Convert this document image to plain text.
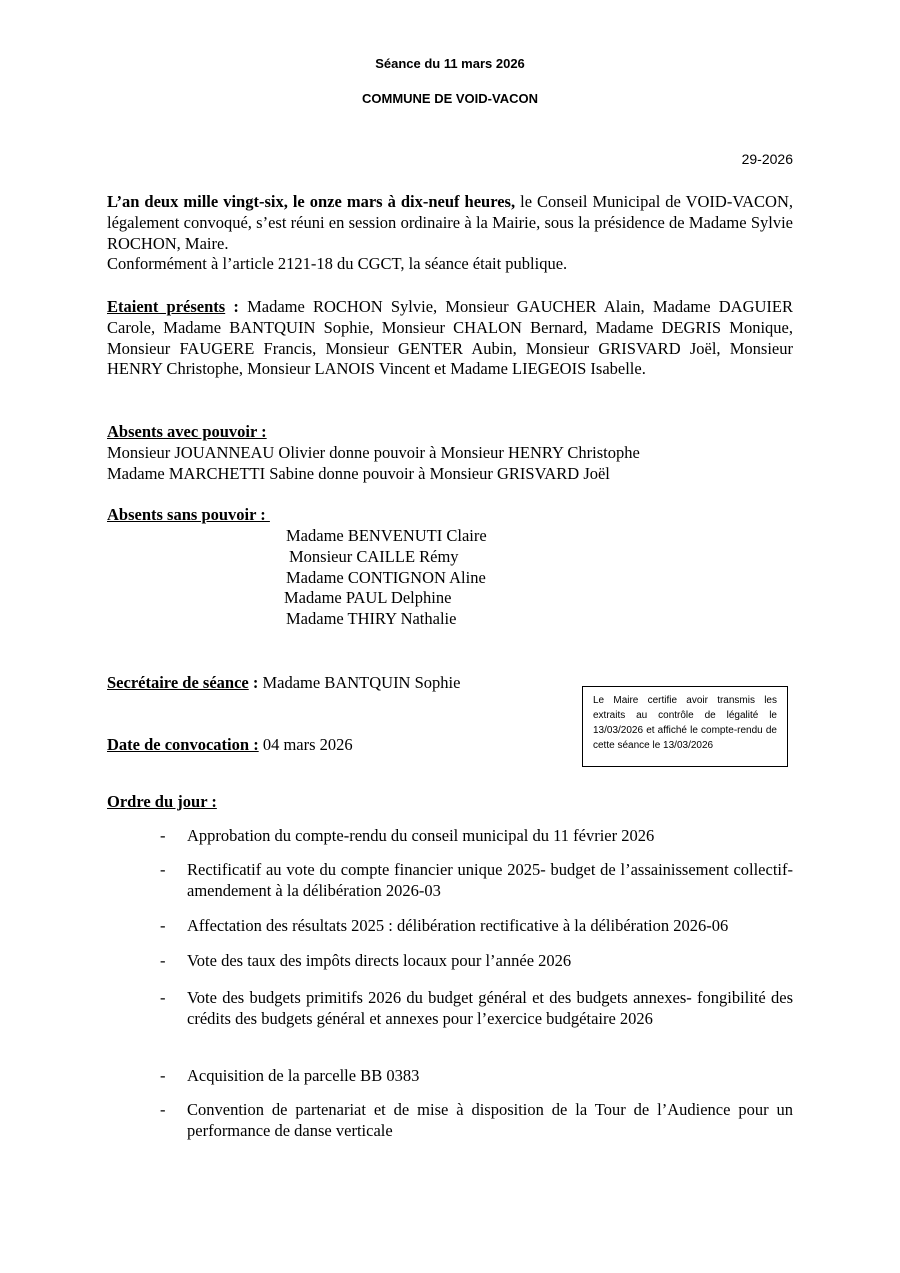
Séance du 11 mars 2026
COMMUNE DE VOID-VACON
29-2026

L’an deux mille vingt-six, le onze mars à dix-neuf heures, le Conseil Municipal de VOID-VACON, légalement convoqué, s’est réuni en session ordinaire à la Mairie, sous la présidence de Madame Sylvie ROCHON, Maire.

Conformément à l’article 2121-18 du CGCT, la séance était publique.

Etaient présents : Madame ROCHON Sylvie, Monsieur GAUCHER Alain, Madame DAGUIER Carole, Madame BANTQUIN Sophie, Monsieur CHALON Bernard, Madame DEGRIS Monique, Monsieur FAUGERE Francis, Monsieur GENTER Aubin, Monsieur GRISVARD Joël, Monsieur HENRY Christophe, Monsieur LANOIS Vincent et Madame LIEGEOIS Isabelle.

Absents avec pouvoir :

Monsieur JOUANNEAU Olivier donne pouvoir à Monsieur HENRY Christophe

Madame MARCHETTI Sabine donne pouvoir à Monsieur GRISVARD Joël

Absents sans pouvoir :

Madame BENVENUTI Claire
Monsieur CAILLE Rémy
Madame CONTIGNON Aline
Madame PAUL Delphine
Madame THIRY Nathalie

Secrétaire de séance : Madame BANTQUIN Sophie

Le Maire certifie avoir transmis les extraits au contrôle de légalité le 13/03/2026 et affiché le compte-rendu de cette séance le 13/03/2026

Date de convocation : 04 mars 2026

Ordre du jour :
- Approbation du compte-rendu du conseil municipal du 11 février 2026
- Rectificatif au vote du compte financier unique 2025- budget de l’assainissement collectif- amendement à la délibération 2026-03
- Affectation des résultats 2025 : délibération rectificative à la délibération 2026-06
- Vote des taux des impôts directs locaux pour l’année 2026
- Vote des budgets primitifs 2026 du budget général et des budgets annexes- fongibilité des crédits des budgets général et annexes pour l’exercice budgétaire 2026
- Acquisition de la parcelle BB 0383
- Convention de partenariat et de mise à disposition de la Tour de l’Audience pour un performance de danse verticale
